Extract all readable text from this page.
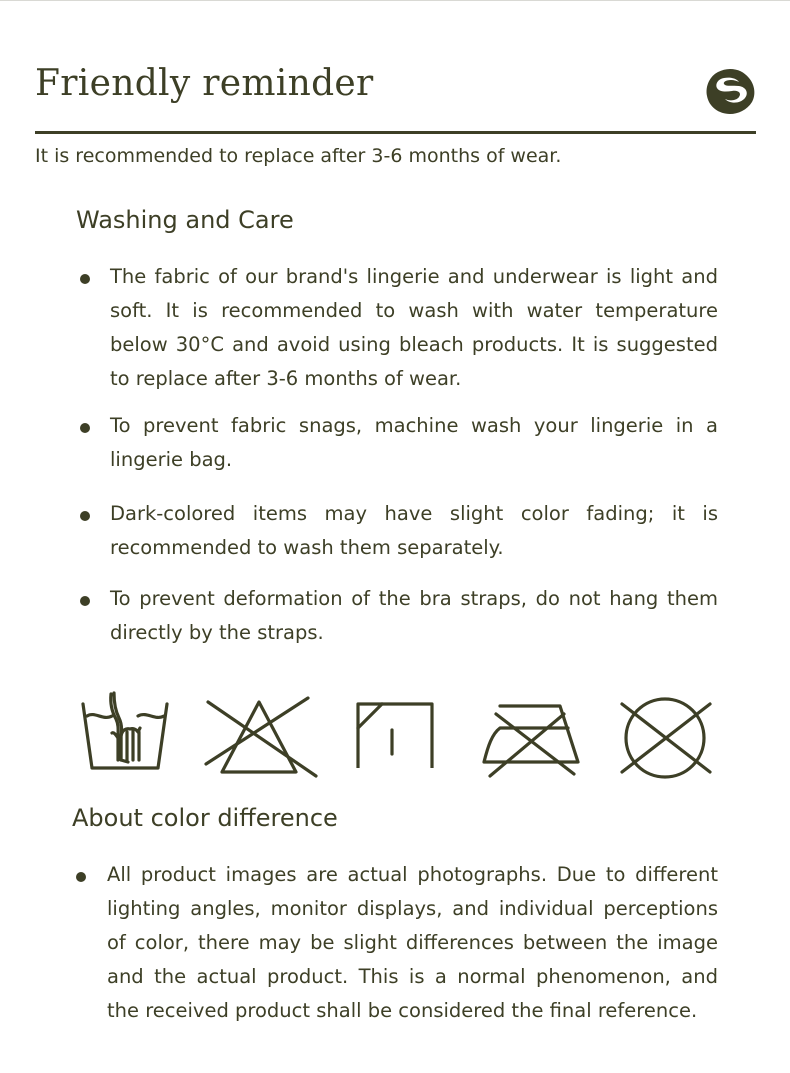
Friendly reminder

It is recommended to replace after 3-6 months of wear.

Washing and Care
The fabric of our brand's lingerie and underwear is light and soft. It is recommended to wash with water temperature below 30°C and avoid using bleach products. It is suggested to replace after 3-6 months of wear.
To prevent fabric snags, machine wash your lingerie in a lingerie bag.
Dark-colored items may have slight color fading; it is recommended to wash them separately.
To prevent deformation of the bra straps, do not hang them directly by the straps.
About color difference
All product images are actual photographs. Due to different lighting angles, monitor displays, and individual perceptions of color, there may be slight differences between the image and the actual product. This is a normal phenomenon, and the received product shall be considered the final reference.
